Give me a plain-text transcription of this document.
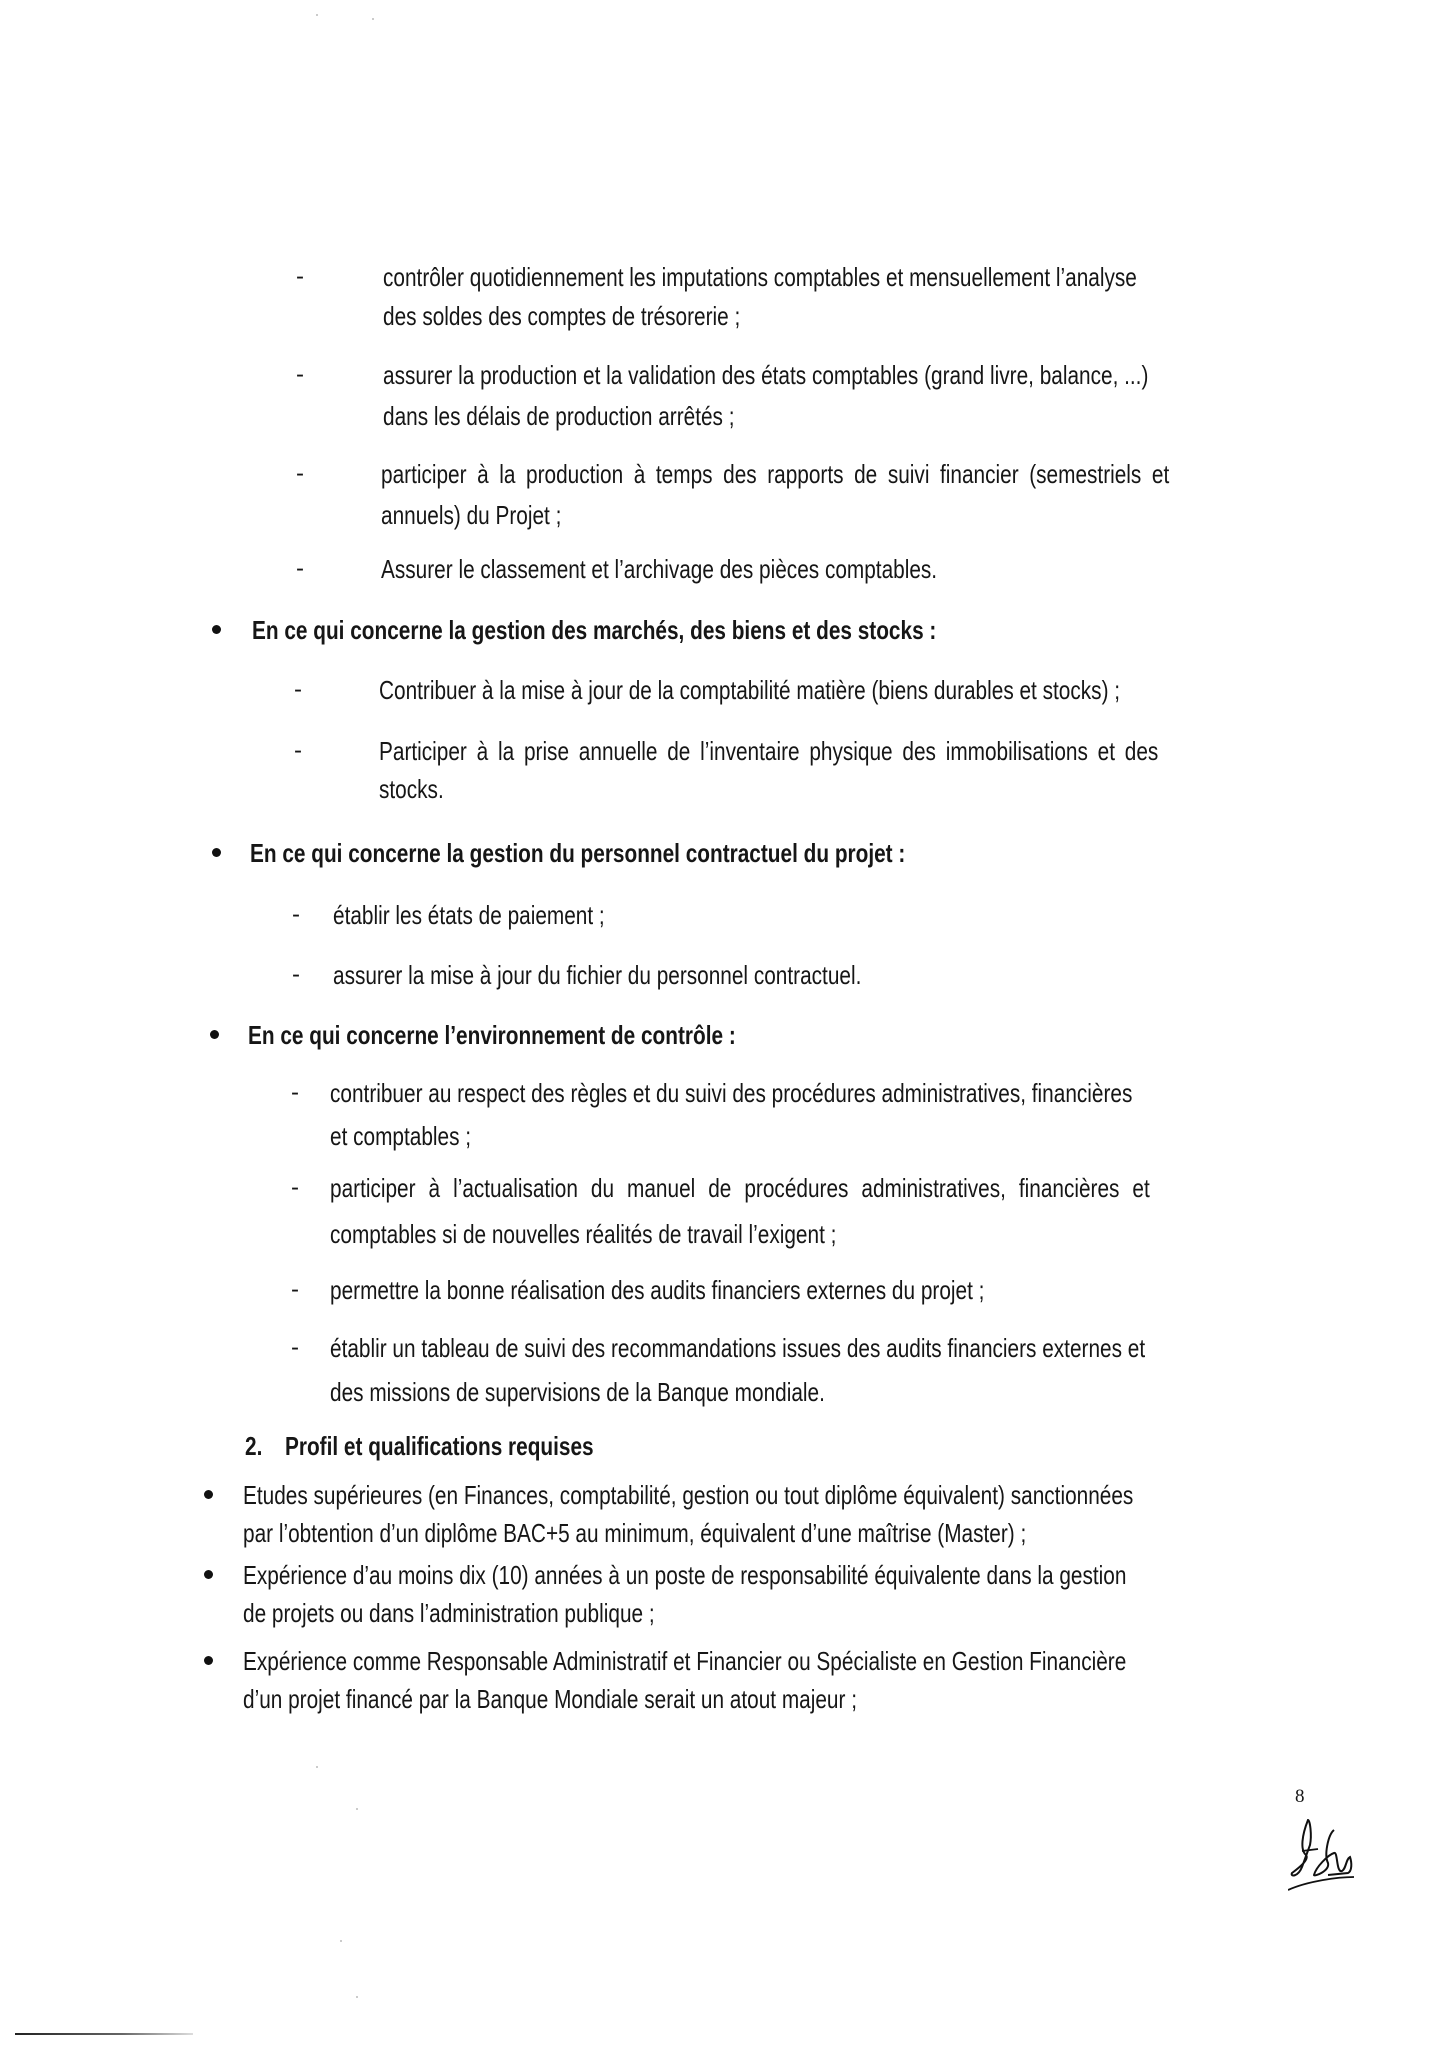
-	contrôler quotidiennement les imputations comptables et mensuellement l’analyse
des soldes des comptes de trésorerie ;
-	assurer la production et la validation des états comptables (grand livre, balance, ...)
dans les délais de production arrêtés ;
-	participer à la production à temps des rapports de suivi financier (semestriels et
annuels) du Projet ;
-	Assurer le classement et l’archivage des pièces comptables.
En ce qui concerne la gestion des marchés, des biens et des stocks :
-	Contribuer à la mise à jour de la comptabilité matière (biens durables et stocks) ;
-	Participer à la prise annuelle de l’inventaire physique des immobilisations et des
stocks.
En ce qui concerne la gestion du personnel contractuel du projet :
- établir les états de paiement ;
- assurer la mise à jour du fichier du personnel contractuel.
En ce qui concerne l’environnement de contrôle :
- contribuer au respect des règles et du suivi des procédures administratives, financières
et comptables ;
- participer à l’actualisation du manuel de procédures administratives, financières et
comptables si de nouvelles réalités de travail l’exigent ;
- permettre la bonne réalisation des audits financiers externes du projet ;
- établir un tableau de suivi des recommandations issues des audits financiers externes et
des missions de supervisions de la Banque mondiale.
2. Profil et qualifications requises
Etudes supérieures (en Finances, comptabilité, gestion ou tout diplôme équivalent) sanctionnées
par l’obtention d’un diplôme BAC+5 au minimum, équivalent d’une maîtrise (Master) ;
Expérience d’au moins dix (10) années à un poste de responsabilité équivalente dans la gestion
de projets ou dans l’administration publique ;
Expérience comme Responsable Administratif et Financier ou Spécialiste en Gestion Financière
d’un projet financé par la Banque Mondiale serait un atout majeur ;
8
